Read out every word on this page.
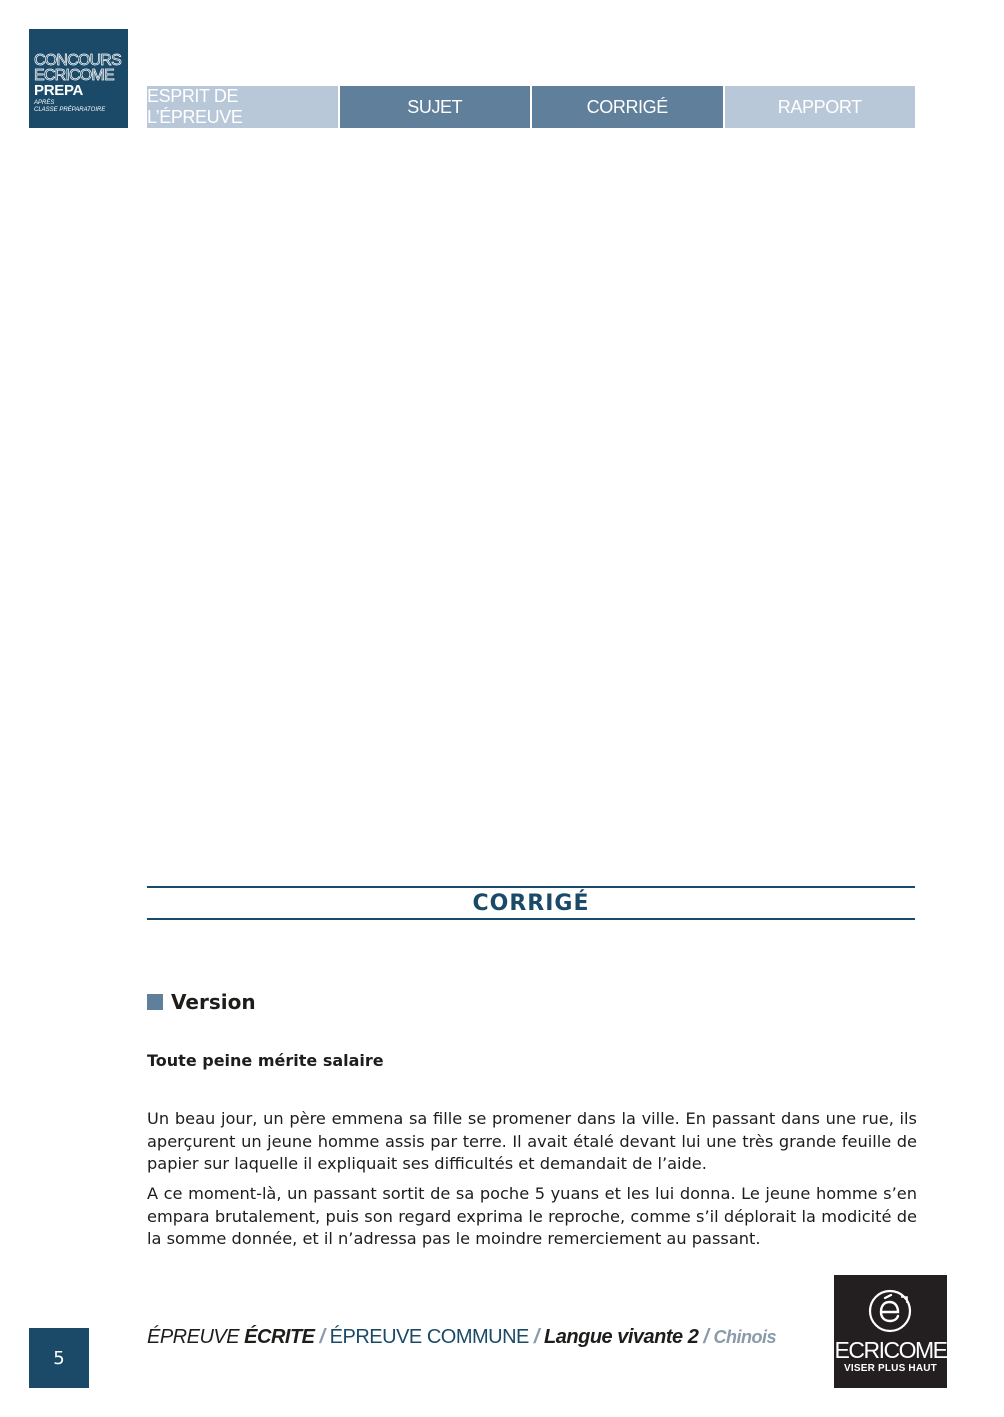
CONCOURS
ECRICOME
PREPA
APRÈS
CLASSE PRÉPARATOIRE
ESPRIT DE L’ÉPREUVE
SUJET	CORRIGÉ	RAPPORT
CORRIGÉ
Version
Toute peine mérite salaire

Un beau jour, un père emmena sa fille se promener dans la ville. En passant dans une rue, ils aperçurent un jeune homme assis par terre. Il avait étalé devant lui une très grande feuille de papier sur laquelle il expliquait ses difficultés et demandait de l’aide.

A ce moment-là, un passant sortit de sa poche 5 yuans et les lui donna. Le jeune homme s’en empara brutalement, puis son regard exprima le reproche, comme s’il déplorait la modicité de la somme donnée, et il n’adressa pas le moindre remerciement au passant.

5
ÉPREUVE ÉCRITE / ÉPREUVE COMMUNE / Langue vivante 2 / Chinois	ECRICOME
VISER PLUS HAUT
